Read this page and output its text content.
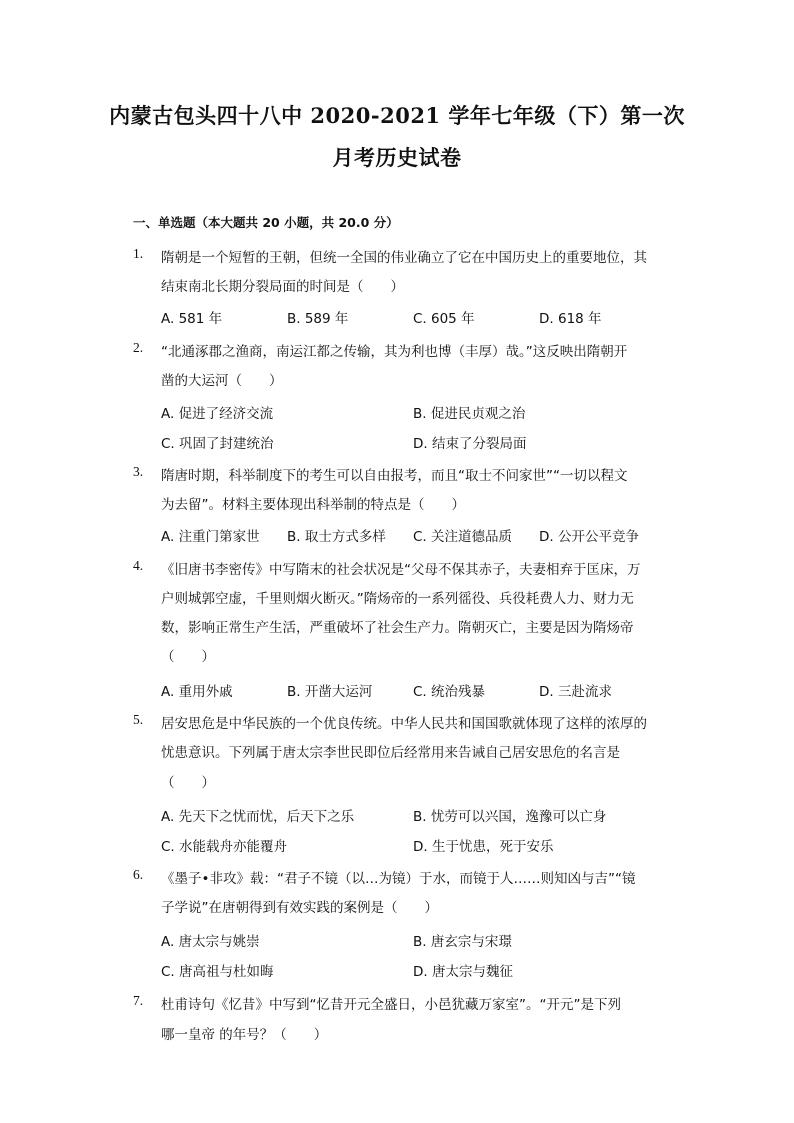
内蒙古包头四十八中 2020-2021 学年七年级（下）第一次
月考历史试卷
一、单选题（本大题共 20 小题，共 20.0 分）
1.	隋朝是一个短暂的王朝，但统一全国的伟业确立了它在中国历史上的重要地位，其
结束南北长期分裂局面的时间是（　　）
A. 581 年	B. 589 年	C. 605 年	D. 618 年
2.	“北通涿郡之渔商，南运江都之传输，其为利也博（丰厚）哉。”这反映出隋朝开
凿的大运河（　　）
A. 促进了经济交流	B. 促进民贞观之治
C. 巩固了封建统治	D. 结束了分裂局面
3.	隋唐时期，科举制度下的考生可以自由报考，而且“取士不问家世”“一切以程文
为去留”。材料主要体现出科举制的特点是（　　）
A. 注重门第家世 B. 取士方式多样 C. 关注道德品质 D. 公开公平竞争
4.	《旧唐书李密传》中写隋末的社会状况是“父母不保其赤子，夫妻相弃于匡床，万
户则城郭空虚，千里则烟火断灭。”隋炀帝的一系列徭役、兵役耗费人力、财力无
数，影响正常生产生活，严重破坏了社会生产力。隋朝灭亡，主要是因为隋炀帝
（　　）
A. 重用外戚	B. 开凿大运河	C. 统治残暴	D. 三赴流求
5.	居安思危是中华民族的一个优良传统。中华人民共和国国歌就体现了这样的浓厚的
忧患意识。下列属于唐太宗李世民即位后经常用来告诫自己居安思危的名言是
（　　）
A. 先天下之忧而忧，后天下之乐	B. 忧劳可以兴国，逸豫可以亡身
C. 水能载舟亦能覆舟	D. 生于忧患，死于安乐
6.	《墨子•非攻》载：“君子不镜（以…为镜）于水，而镜于人……则知凶与吉”“镜
子学说”在唐朝得到有效实践的案例是（　　）
A. 唐太宗与姚崇	B. 唐玄宗与宋璟
C. 唐高祖与杜如晦	D. 唐太宗与魏征
7.	杜甫诗句《忆昔》中写到“忆昔开元全盛日，小邑犹藏万家室”。“开元”是下列
哪一皇帝 的年号？（　　）
